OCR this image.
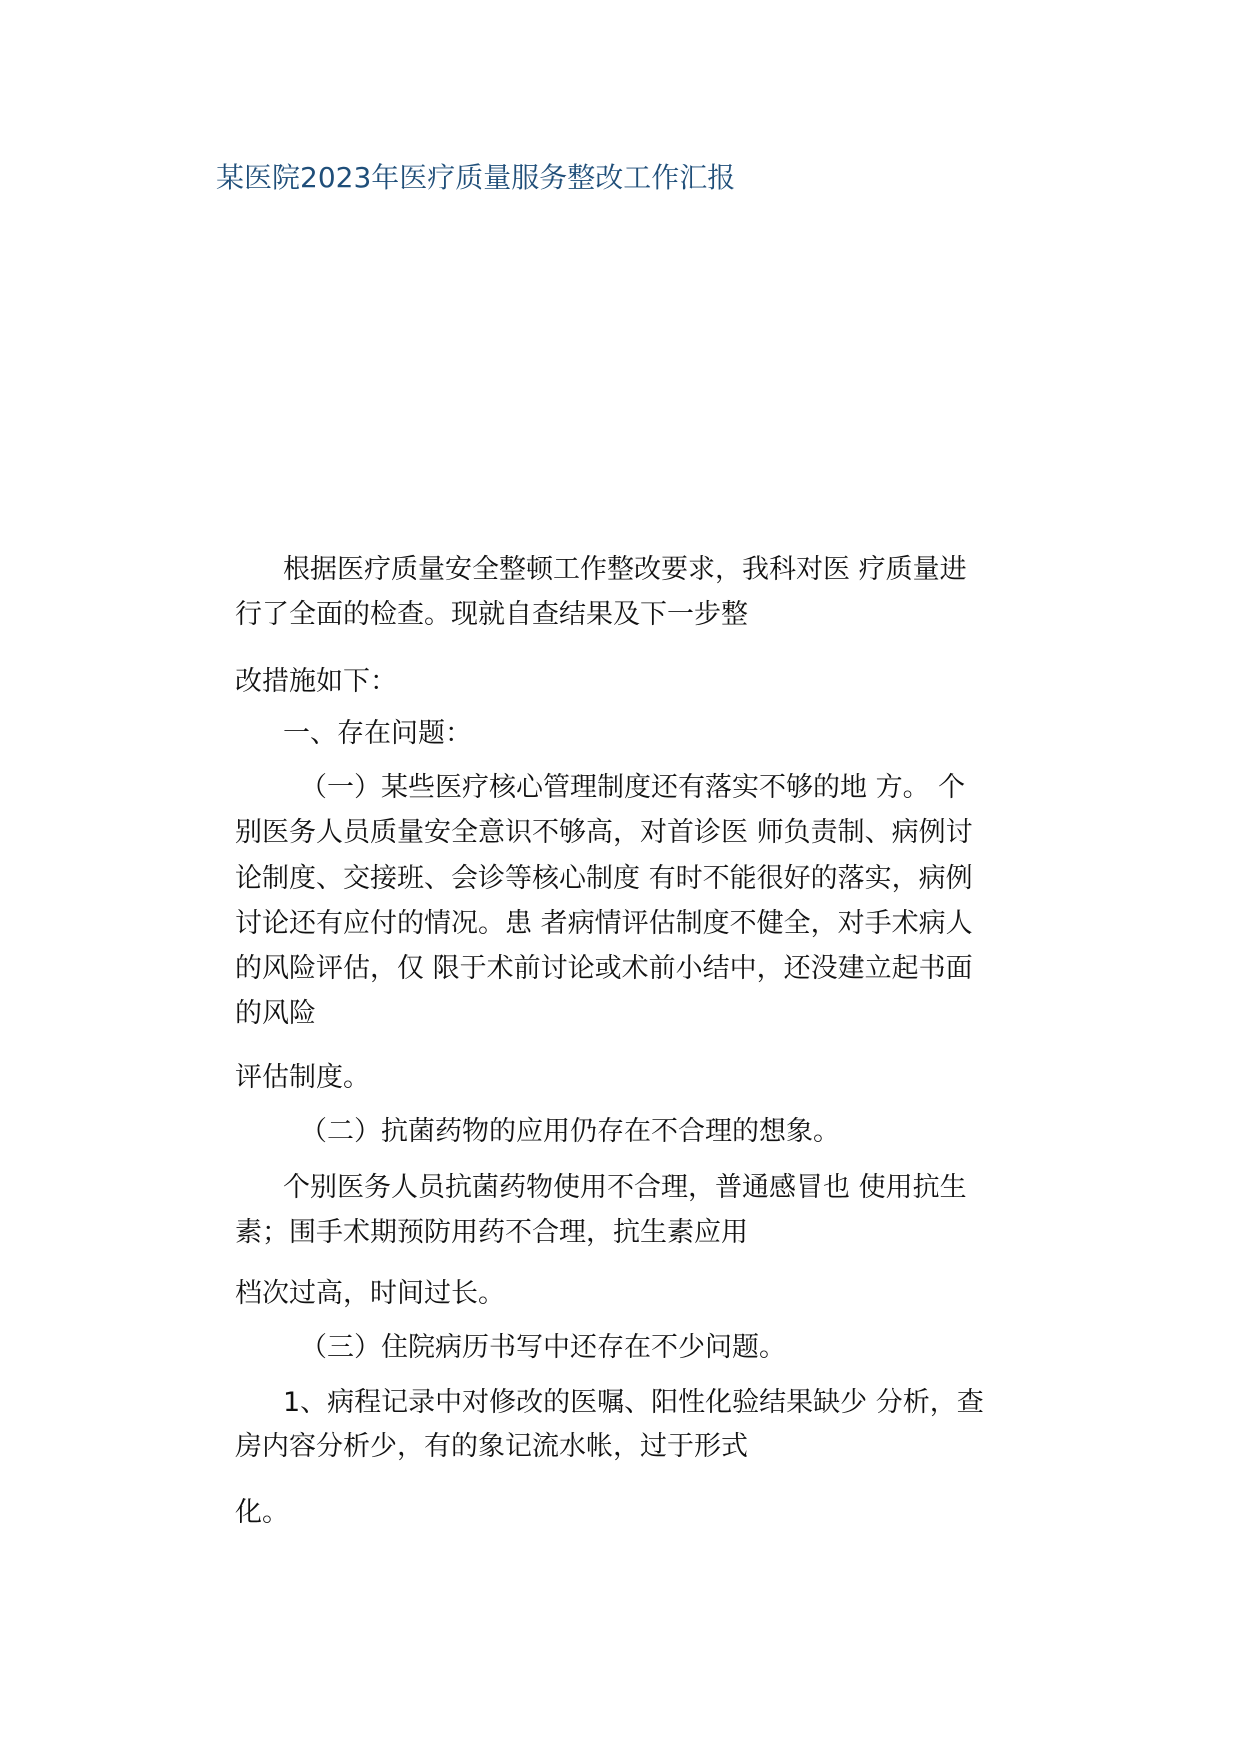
某医院2023年医疗质量服务整改工作汇报
根据医疗质量安全整顿工作整改要求，我科对医 疗质量进
行了全面的检查。现就自查结果及下一步整
改措施如下：
一、存在问题：
（一）某些医疗核心管理制度还有落实不够的地 方。 个
别医务人员质量安全意识不够高，对首诊医 师负责制、病例讨
论制度、交接班、会诊等核心制度 有时不能很好的落实，病例
讨论还有应付的情况。患 者病情评估制度不健全，对手术病人
的风险评估，仅 限于术前讨论或术前小结中，还没建立起书面
的风险
评估制度。
（二）抗菌药物的应用仍存在不合理的想象。
个别医务人员抗菌药物使用不合理，普通感冒也 使用抗生
素；围手术期预防用药不合理，抗生素应用
档次过高，时间过长。
（三）住院病历书写中还存在不少问题。
1、病程记录中对修改的医嘱、阳性化验结果缺少 分析，查
房内容分析少，有的象记流水帐，过于形式
化。
